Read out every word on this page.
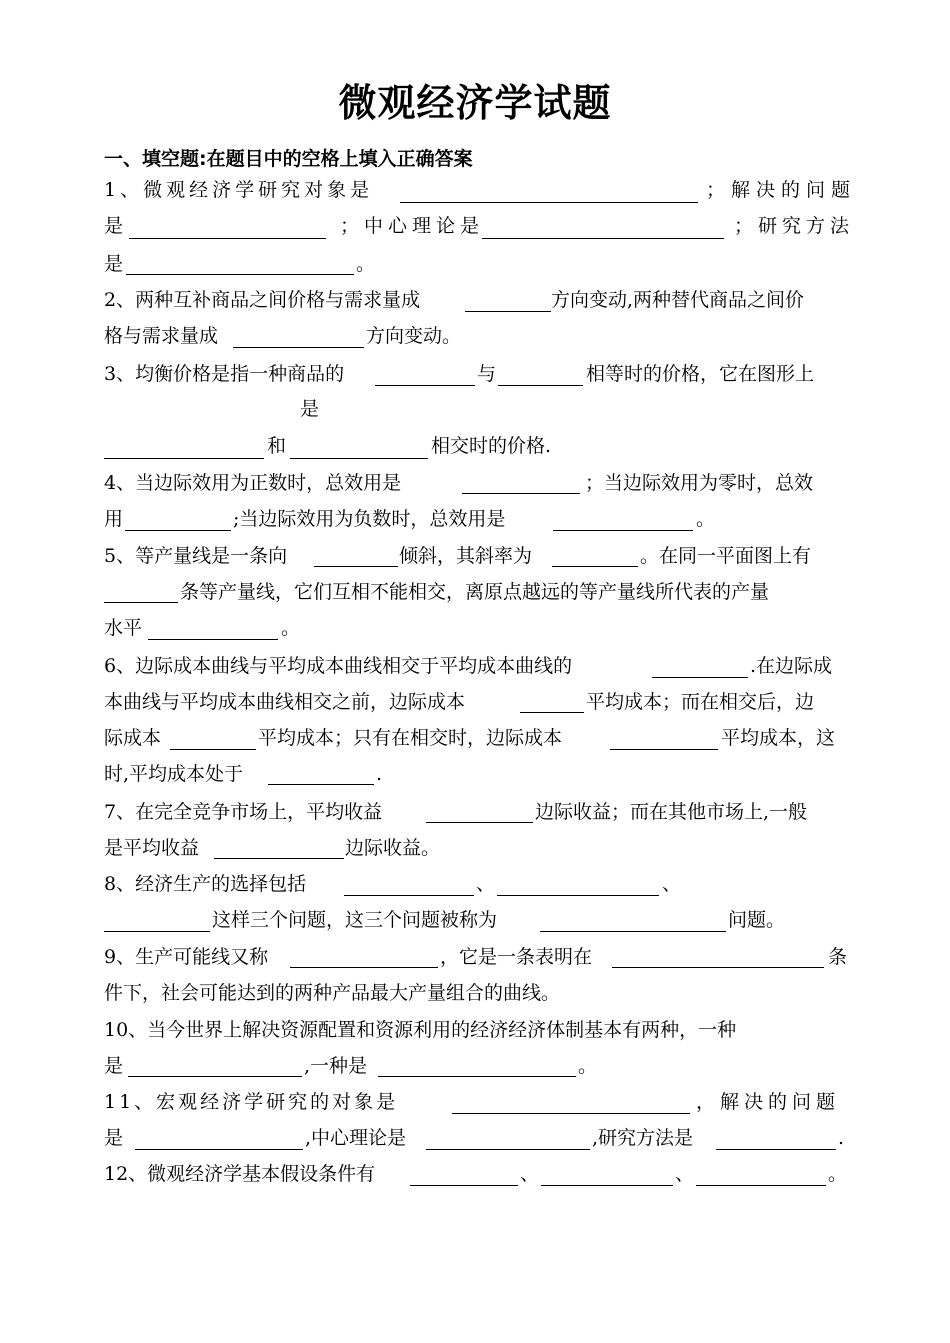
微观经济学试题
一、填空题:在题目中的空格上填入正确答案
1、微观经济学研究对象是	；解决的问题
是	；中心理论是	；研究方法
是	。
2、两种互补商品之间价格与需求量成	方向变动,两种替代商品之间价
格与需求量成	方向变动。
3、均衡价格是指一种商品的	与	相等时的价格，它在图形上
是
和	相交时的价格.
4、当边际效用为正数时，总效用是	；当边际效用为零时，总效
用	;当边际效用为负数时，总效用是	。
5、等产量线是一条向	倾斜，其斜率为	。在同一平面图上有
条等产量线，它们互相不能相交，离原点越远的等产量线所代表的产量
水平	。
6、边际成本曲线与平均成本曲线相交于平均成本曲线的	.在边际成
本曲线与平均成本曲线相交之前，边际成本	平均成本；而在相交后，边
际成本	平均成本；只有在相交时，边际成本	平均成本，这
时,平均成本处于	.
7、在完全竞争市场上，平均收益	边际收益；而在其他市场上,一般
是平均收益	边际收益。
8、经济生产的选择包括	、	、
这样三个问题，这三个问题被称为	问题。
9、生产可能线又称	，它是一条表明在	条
件下，社会可能达到的两种产品最大产量组合的曲线。
10、当今世界上解决资源配置和资源利用的经济经济体制基本有两种，一种
是	,一种是	。
11、宏观经济学研究的对象是	，解决的问题
是	,中心理论是	,研究方法是	.
12、微观经济学基本假设条件有	、	、	。
